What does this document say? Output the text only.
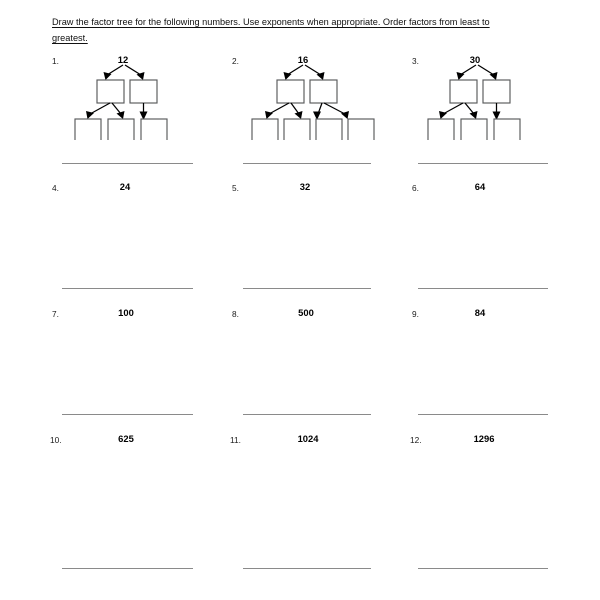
Draw the factor tree for the following numbers. Use exponents when appropriate. Order factors from least to
greatest.
1.	12	2.	16	3.	30
4.	24	5.	32	6.	64
7.	100	8.	500	9.	84
10.	625	11.	1024	12.	1296
